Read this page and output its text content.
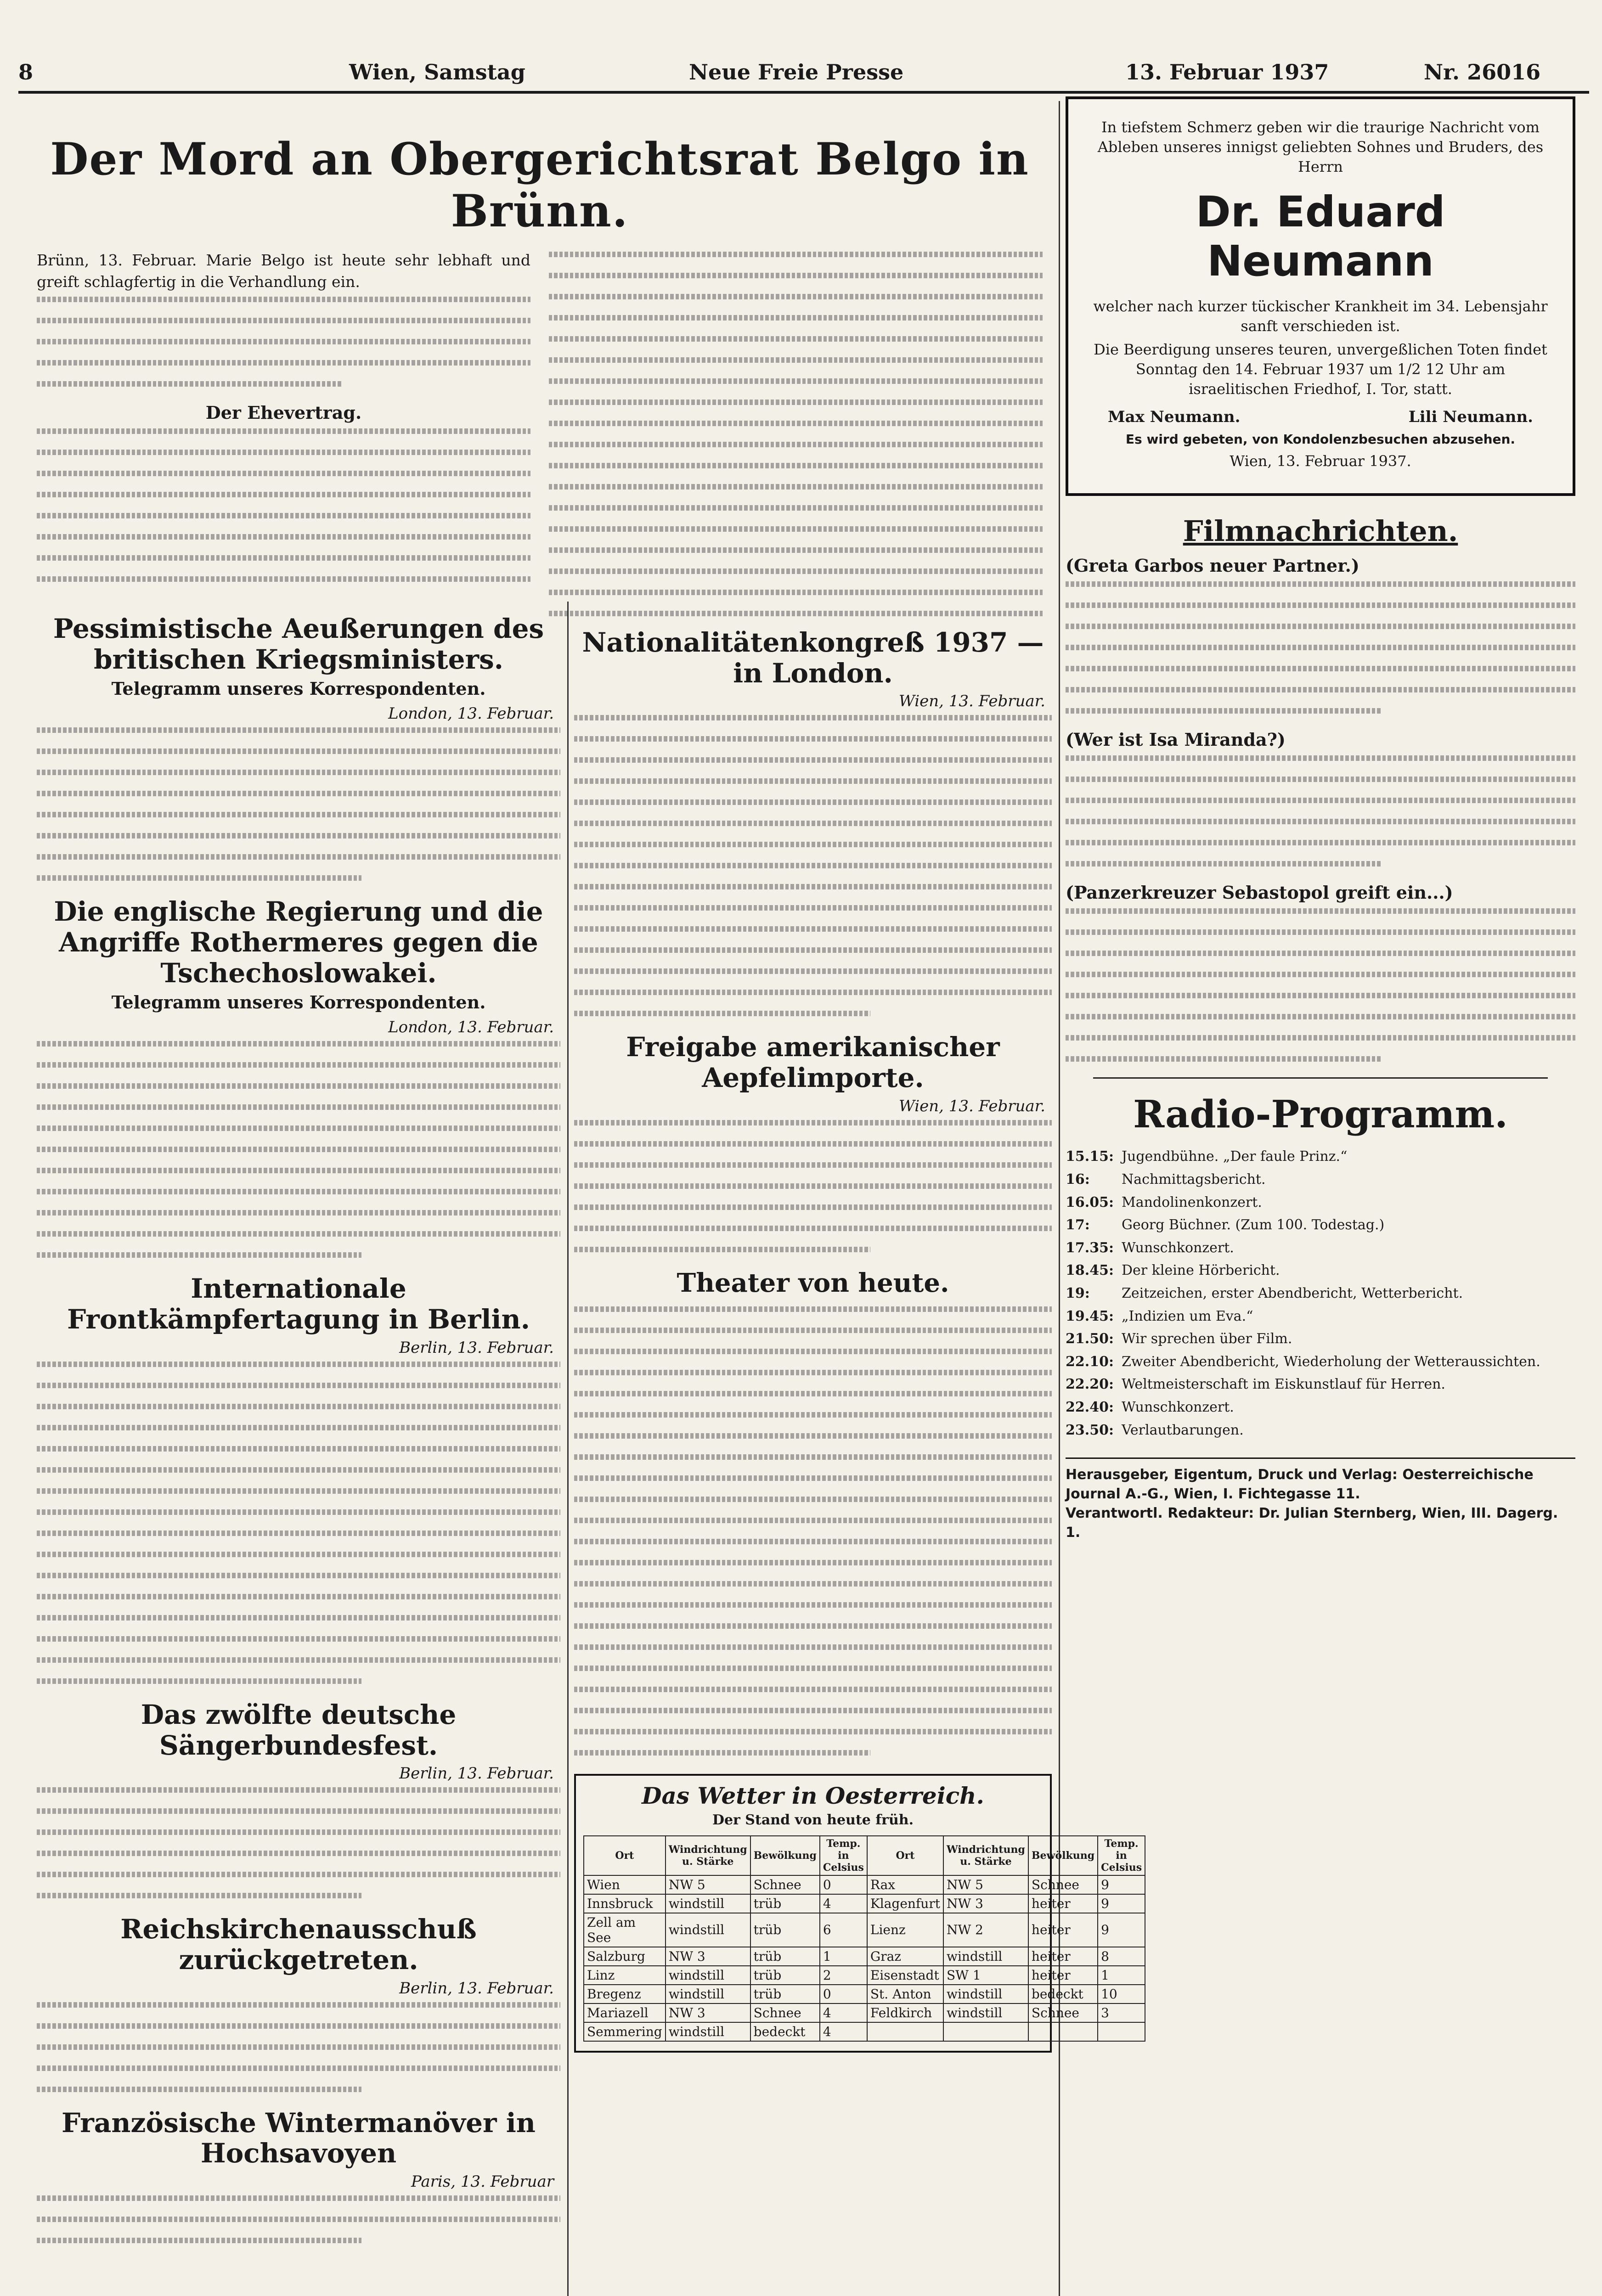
8	Wien, Samstag	Neue Freie Presse	13. Februar 1937	Nr. 26016
Der Mord an Obergerichtsrat Belgo in Brünn.

Brünn, 13. Februar. Marie Belgo ist heute sehr lebhaft und greift schlagfertig in die Verhandlung ein.

Der Ehevertrag.
Pessimistische Aeußerungen des britischen Kriegsministers.
Telegramm unseres Korrespondenten.
London, 13. Februar.
Die englische Regierung und die Angriffe Rothermeres gegen die Tschechoslowakei.
Telegramm unseres Korrespondenten.
London, 13. Februar.
Internationale Frontkämpfertagung in Berlin.
Berlin, 13. Februar.
Das zwölfte deutsche Sängerbundesfest.
Berlin, 13. Februar.
Reichskirchenausschuß zurückgetreten.
Berlin, 13. Februar.
Französische Wintermanöver in Hochsavoyen
Paris, 13. Februar
Nationalitätenkongreß 1937 — in London.
Wien, 13. Februar.
Freigabe amerikanischer Aepfelimporte.
Wien, 13. Februar.
Theater von heute.
Das Wetter in Oesterreich.
Der Stand von heute früh.
Ort	Windrichtung u. Stärke	Bewölkung	Temp. in Celsius	Ort	Windrichtung u. Stärke	Bewölkung	Temp. in Celsius
Wien	NW 5	Schnee	0	Rax	NW 5	Schnee	9
Innsbruck	windstill	trüb	4	Klagenfurt	NW 3	heiter	9
Zell am See	windstill	trüb	6	Lienz	NW 2	heiter	9
Salzburg	NW 3	trüb	1	Graz	windstill	heiter	8
Linz	windstill	trüb	2	Eisenstadt	SW 1	heiter	1
Bregenz	windstill	trüb	0	St. Anton	windstill	bedeckt	10
Mariazell	NW 3	Schnee	4	Feldkirch	windstill	Schnee	3
Semmering	windstill	bedeckt	4				

In tiefstem Schmerz geben wir die traurige Nachricht vom Ableben unseres innigst geliebten Sohnes und Bruders, des Herrn

Dr. Eduard Neumann

welcher nach kurzer tückischer Krankheit im 34. Lebensjahr sanft verschieden ist.

Die Beerdigung unseres teuren, unvergeßlichen Toten findet Sonntag den 14. Februar 1937 um 1/2 12 Uhr am israelitischen Friedhof, I. Tor, statt.

Max Neumann.	Lili Neumann.

Es wird gebeten, von Kondolenzbesuchen abzusehen.

Wien, 13. Februar 1937.

Filmnachrichten.
(Greta Garbos neuer Partner.)
(Wer ist Isa Miranda?)
(Panzerkreuzer Sebastopol greift ein...)
Radio-Programm.
15.15: Jugendbühne. „Der faule Prinz.“
16:	Nachmittagsbericht.
16.05: Mandolinenkonzert.
17:	Georg Büchner. (Zum 100. Todestag.)
17.35: Wunschkonzert.
18.45: Der kleine Hörbericht.
19:	Zeitzeichen, erster Abendbericht, Wetterbericht.
19.45: „Indizien um Eva.“
21.50: Wir sprechen über Film.
22.10: Zweiter Abendbericht, Wiederholung der Wetteraussichten.
22.20: Weltmeisterschaft im Eiskunstlauf für Herren.
22.40: Wunschkonzert.
23.50: Verlautbarungen.
Herausgeber, Eigentum, Druck und Verlag: Oesterreichische Journal A.-G., Wien, I. Fichtegasse 11.
Verantwortl. Redakteur: Dr. Julian Sternberg, Wien, III. Dagerg. 1.
